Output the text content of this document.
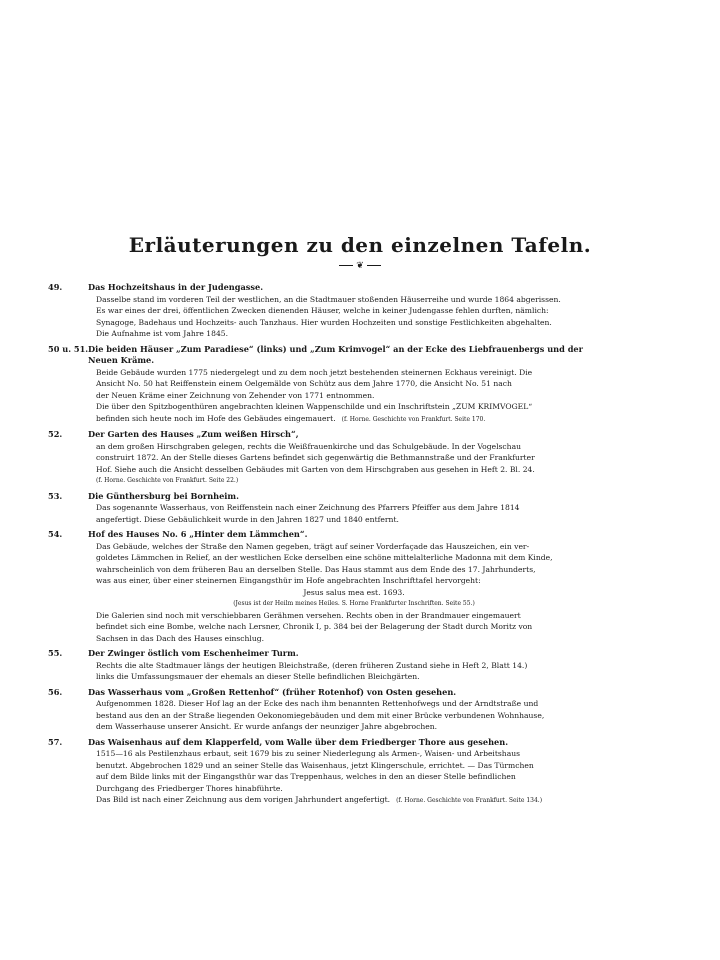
Erläuterungen zu den einzelnen Tafeln.
❦
49.	Das Hochzeitshaus in der Judengasse.

Dasselbe stand im vorderen Teil der westlichen, an die Stadtmauer stoßenden Häuserreihe und wurde 1864 abgerissen.

Es war eines der drei, öffentlichen Zwecken dienenden Häuser, welche in keiner Judengasse fehlen durften, nämlich:

Synagoge, Badehaus und Hochzeits- auch Tanzhaus. Hier wurden Hochzeiten und sonstige Festlichkeiten abgehalten.

Die Aufnahme ist vom Jahre 1845.

50 u. 51. Die beiden Häuser „Zum Paradiese“ (links) und „Zum Krimvogel“ an der Ecke des Liebfrauenbergs und der Neuen Kräme.

Beide Gebäude wurden 1775 niedergelegt und zu dem noch jetzt bestehenden steinernen Eckhaus vereinigt. Die

Ansicht No. 50 hat Reiffenstein einem Oelgemälde von Schütz aus dem Jahre 1770, die Ansicht No. 51 nach

der Neuen Kräme einer Zeichnung von Zehender von 1771 entnommen.

Die über den Spitzbogenthüren angebrachten kleinen Wappenschilde und ein Inschriftstein „ZUM KRIMVOGEL“

befinden sich heute noch im Hofe des Gebäudes eingemauert. (f. Horne. Geschichte von Frankfurt. Seite 170.

52.	Der Garten des Hauses „Zum weißen Hirsch“,

an dem großen Hirschgraben gelegen, rechts die Weißfrauenkirche und das Schulgebäude. In der Vogelschau

construirt 1872. An der Stelle dieses Gartens befindet sich gegenwärtig die Bethmannstraße und der Frankfurter

Hof. Siehe auch die Ansicht desselben Gebäudes mit Garten von dem Hirschgraben aus gesehen in Heft 2. Bl. 24.

(f. Horne. Geschichte von Frankfurt. Seite 22.)

53.	Die Günthersburg bei Bornheim.

Das sogenannte Wasserhaus, von Reiffenstein nach einer Zeichnung des Pfarrers Pfeiffer aus dem Jahre 1814

angefertigt. Diese Gebäulichkeit wurde in den Jahren 1827 und 1840 entfernt.

54.	Hof des Hauses No. 6 „Hinter dem Lämmchen“.

Das Gebäude, welches der Straße den Namen gegeben, trägt auf seiner Vorderfaçade das Hauszeichen, ein ver-

goldetes Lämmchen in Relief, an der westlichen Ecke derselben eine schöne mittelalterliche Madonna mit dem Kinde,

wahrscheinlich von dem früheren Bau an derselben Stelle. Das Haus stammt aus dem Ende des 17. Jahrhunderts,

was aus einer, über einer steinernen Eingangsthür im Hofe angebrachten Inschrifttafel hervorgeht:

Jesus salus mea est. 1693.

(Jesus ist der Heilm meines Heiles. S. Horne Frankfurter Inschriften. Seite 55.)

Die Galerien sind noch mit verschiebbaren Gerähmen versehen. Rechts oben in der Brandmauer eingemauert

befindet sich eine Bombe, welche nach Lersner, Chronik I, p. 384 bei der Belagerung der Stadt durch Moritz von

Sachsen in das Dach des Hauses einschlug.

55.	Der Zwinger östlich vom Eschenheimer Turm.

Rechts die alte Stadtmauer längs der heutigen Bleichstraße, (deren früheren Zustand siehe in Heft 2, Blatt 14.)

links die Umfassungsmauer der ehemals an dieser Stelle befindlichen Bleichgärten.

56.	Das Wasserhaus vom „Großen Rettenhof“ (früher Rotenhof) von Osten gesehen.

Aufgenommen 1828. Dieser Hof lag an der Ecke des nach ihm benannten Rettenhofwegs und der Arndtstraße und

bestand aus den an der Straße liegenden Oekonomiegebäuden und dem mit einer Brücke verbundenen Wohnhause,

dem Wasserhause unserer Ansicht. Er wurde anfangs der neunziger Jahre abgebrochen.

57.	Das Waisenhaus auf dem Klapperfeld, vom Walle über dem Friedberger Thore aus gesehen.

1515—16 als Pestilenzhaus erbaut, seit 1679 bis zu seiner Niederlegung als Armen-, Waisen- und Arbeitshaus

benutzt. Abgebrochen 1829 und an seiner Stelle das Waisenhaus, jetzt Klingerschule, errichtet. — Das Türmchen

auf dem Bilde links mit der Eingangsthür war das Treppenhaus, welches in den an dieser Stelle befindlichen

Durchgang des Friedberger Thores hinabführte.

Das Bild ist nach einer Zeichnung aus dem vorigen Jahrhundert angefertigt. (f. Horne. Geschichte von Frankfurt. Seite 134.)
